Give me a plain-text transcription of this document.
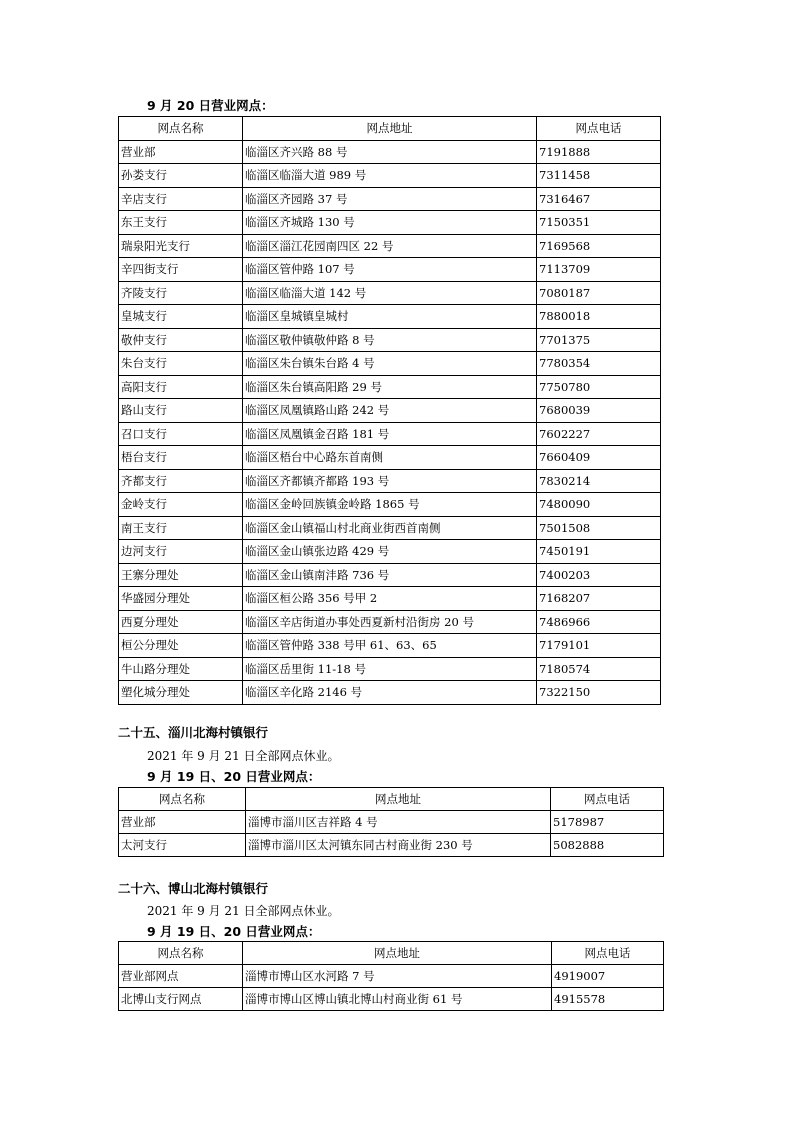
9 月 20 日营业网点：
网点名称	网点地址	网点电话
营业部	临淄区齐兴路 88 号	7191888
孙娄支行	临淄区临淄大道 989 号	7311458
辛店支行	临淄区齐园路 37 号	7316467
东王支行	临淄区齐城路 130 号	7150351
瑞泉阳光支行	临淄区淄江花园南四区 22 号	7169568
辛四街支行	临淄区管仲路 107 号	7113709
齐陵支行	临淄区临淄大道 142 号	7080187
皇城支行	临淄区皇城镇皇城村	7880018
敬仲支行	临淄区敬仲镇敬仲路 8 号	7701375
朱台支行	临淄区朱台镇朱台路 4 号	7780354
高阳支行	临淄区朱台镇高阳路 29 号	7750780
路山支行	临淄区凤凰镇路山路 242 号	7680039
召口支行	临淄区凤凰镇金召路 181 号	7602227
梧台支行	临淄区梧台中心路东首南侧	7660409
齐都支行	临淄区齐都镇齐都路 193 号	7830214
金岭支行	临淄区金岭回族镇金岭路 1865 号	7480090
南王支行	临淄区金山镇福山村北商业街西首南侧	7501508
边河支行	临淄区金山镇张边路 429 号	7450191
王寨分理处	临淄区金山镇南沣路 736 号	7400203
华盛园分理处	临淄区桓公路 356 号甲 2	7168207
西夏分理处	临淄区辛店街道办事处西夏新村沿街房 20 号	7486966
桓公分理处	临淄区管仲路 338 号甲 61、63、65	7179101
牛山路分理处	临淄区岳里街 11-18 号	7180574
塑化城分理处	临淄区辛化路 2146 号	7322150
二十五、淄川北海村镇银行
2021 年 9 月 21 日全部网点休业。
9 月 19 日、20 日营业网点：
网点名称	网点地址	网点电话
营业部	淄博市淄川区吉祥路 4 号	5178987
太河支行	淄博市淄川区太河镇东同古村商业街 230 号	5082888
二十六、博山北海村镇银行
2021 年 9 月 21 日全部网点休业。
9 月 19 日、20 日营业网点：
网点名称	网点地址	网点电话
营业部网点	淄博市博山区水河路 7 号	4919007
北博山支行网点	淄博市博山区博山镇北博山村商业街 61 号	4915578
